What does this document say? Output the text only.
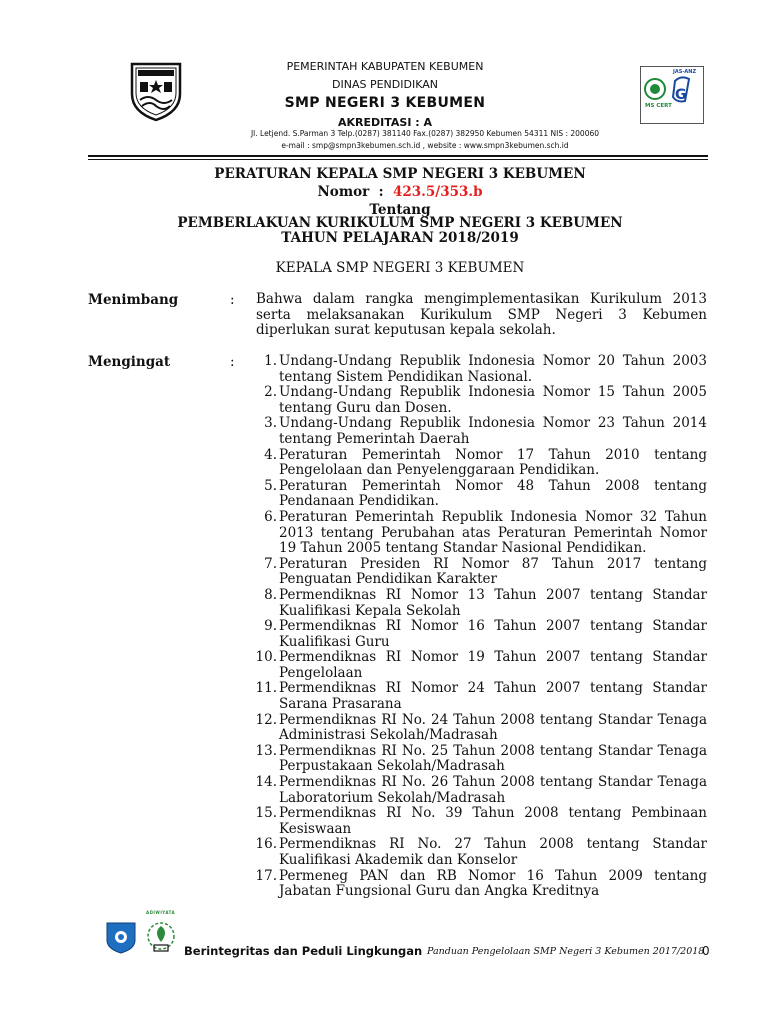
G
JAS-ANZ
MS CERT
PEMERINTAH KABUPATEN KEBUMEN
DINAS PENDIDIKAN
SMP NEGERI 3 KEBUMEN
AKREDITASI : A
Jl. Letjend. S.Parman 3 Telp.(0287) 381140 Fax.(0287) 382950 Kebumen 54311 NIS : 200060
e-mail : smp@smpn3kebumen.sch.id , website : www.smpn3kebumen.sch.id
PERATURAN KEPALA SMP NEGERI 3 KEBUMEN
Nomor  :  423.5/353.b
Tentang
PEMBERLAKUAN KURIKULUM SMP NEGERI 3 KEBUMEN
TAHUN PELAJARAN 2018/2019
KEPALA SMP NEGERI 3 KEBUMEN
Menimbang	: Bahwa dalam rangka mengimplementasikan Kurikulum 2013 serta melaksanakan Kurikulum SMP Negeri 3 Kebumen diperlukan surat keputusan kepala sekolah.
Mengingat	:	1. Undang-Undang Republik Indonesia Nomor 20 Tahun 2003 tentang Sistem Pendidikan Nasional.
2. Undang-Undang Republik Indonesia Nomor 15 Tahun 2005 tentang Guru dan Dosen.
3. Undang-Undang Republik Indonesia Nomor 23 Tahun 2014 tentang Pemerintah Daerah
4. Peraturan Pemerintah Nomor 17 Tahun 2010 tentang Pengelolaan dan Penyelenggaraan Pendidikan.
5. Peraturan Pemerintah Nomor 48 Tahun 2008 tentang Pendanaan Pendidikan.
6. Peraturan Pemerintah Republik Indonesia Nomor 32 Tahun 2013 tentang Perubahan atas Peraturan Pemerintah Nomor 19 Tahun 2005 tentang Standar Nasional Pendidikan.
7. Peraturan Presiden RI Nomor 87 Tahun 2017 tentang Penguatan Pendidikan Karakter
8. Permendiknas RI Nomor 13 Tahun 2007 tentang Standar Kualifikasi Kepala Sekolah
9. Permendiknas RI Nomor 16 Tahun 2007 tentang Standar Kualifikasi Guru
10. Permendiknas RI Nomor 19 Tahun 2007 tentang Standar Pengelolaan
11. Permendiknas RI Nomor 24 Tahun 2007 tentang Standar Sarana Prasarana
12. Permendiknas RI No. 24 Tahun 2008 tentang Standar Tenaga Administrasi Sekolah/Madrasah
13. Permendiknas RI No. 25 Tahun 2008 tentang Standar Tenaga Perpustakaan Sekolah/Madrasah
14. Permendiknas RI No. 26 Tahun 2008 tentang Standar Tenaga Laboratorium Sekolah/Madrasah
15. Permendiknas RI No. 39 Tahun 2008 tentang Pembinaan Kesiswaan
16. Permendiknas RI No. 27 Tahun 2008 tentang Standar Kualifikasi Akademik dan Konselor
17. Permeneg PAN dan RB Nomor 16 Tahun 2009 tentang Jabatan Fungsional Guru dan Angka Kreditnya
ADIWIYATA
Berintegritas dan Peduli Lingkungan Panduan Pengelolaan SMP Negeri 3 Kebumen 2017/2018
0
